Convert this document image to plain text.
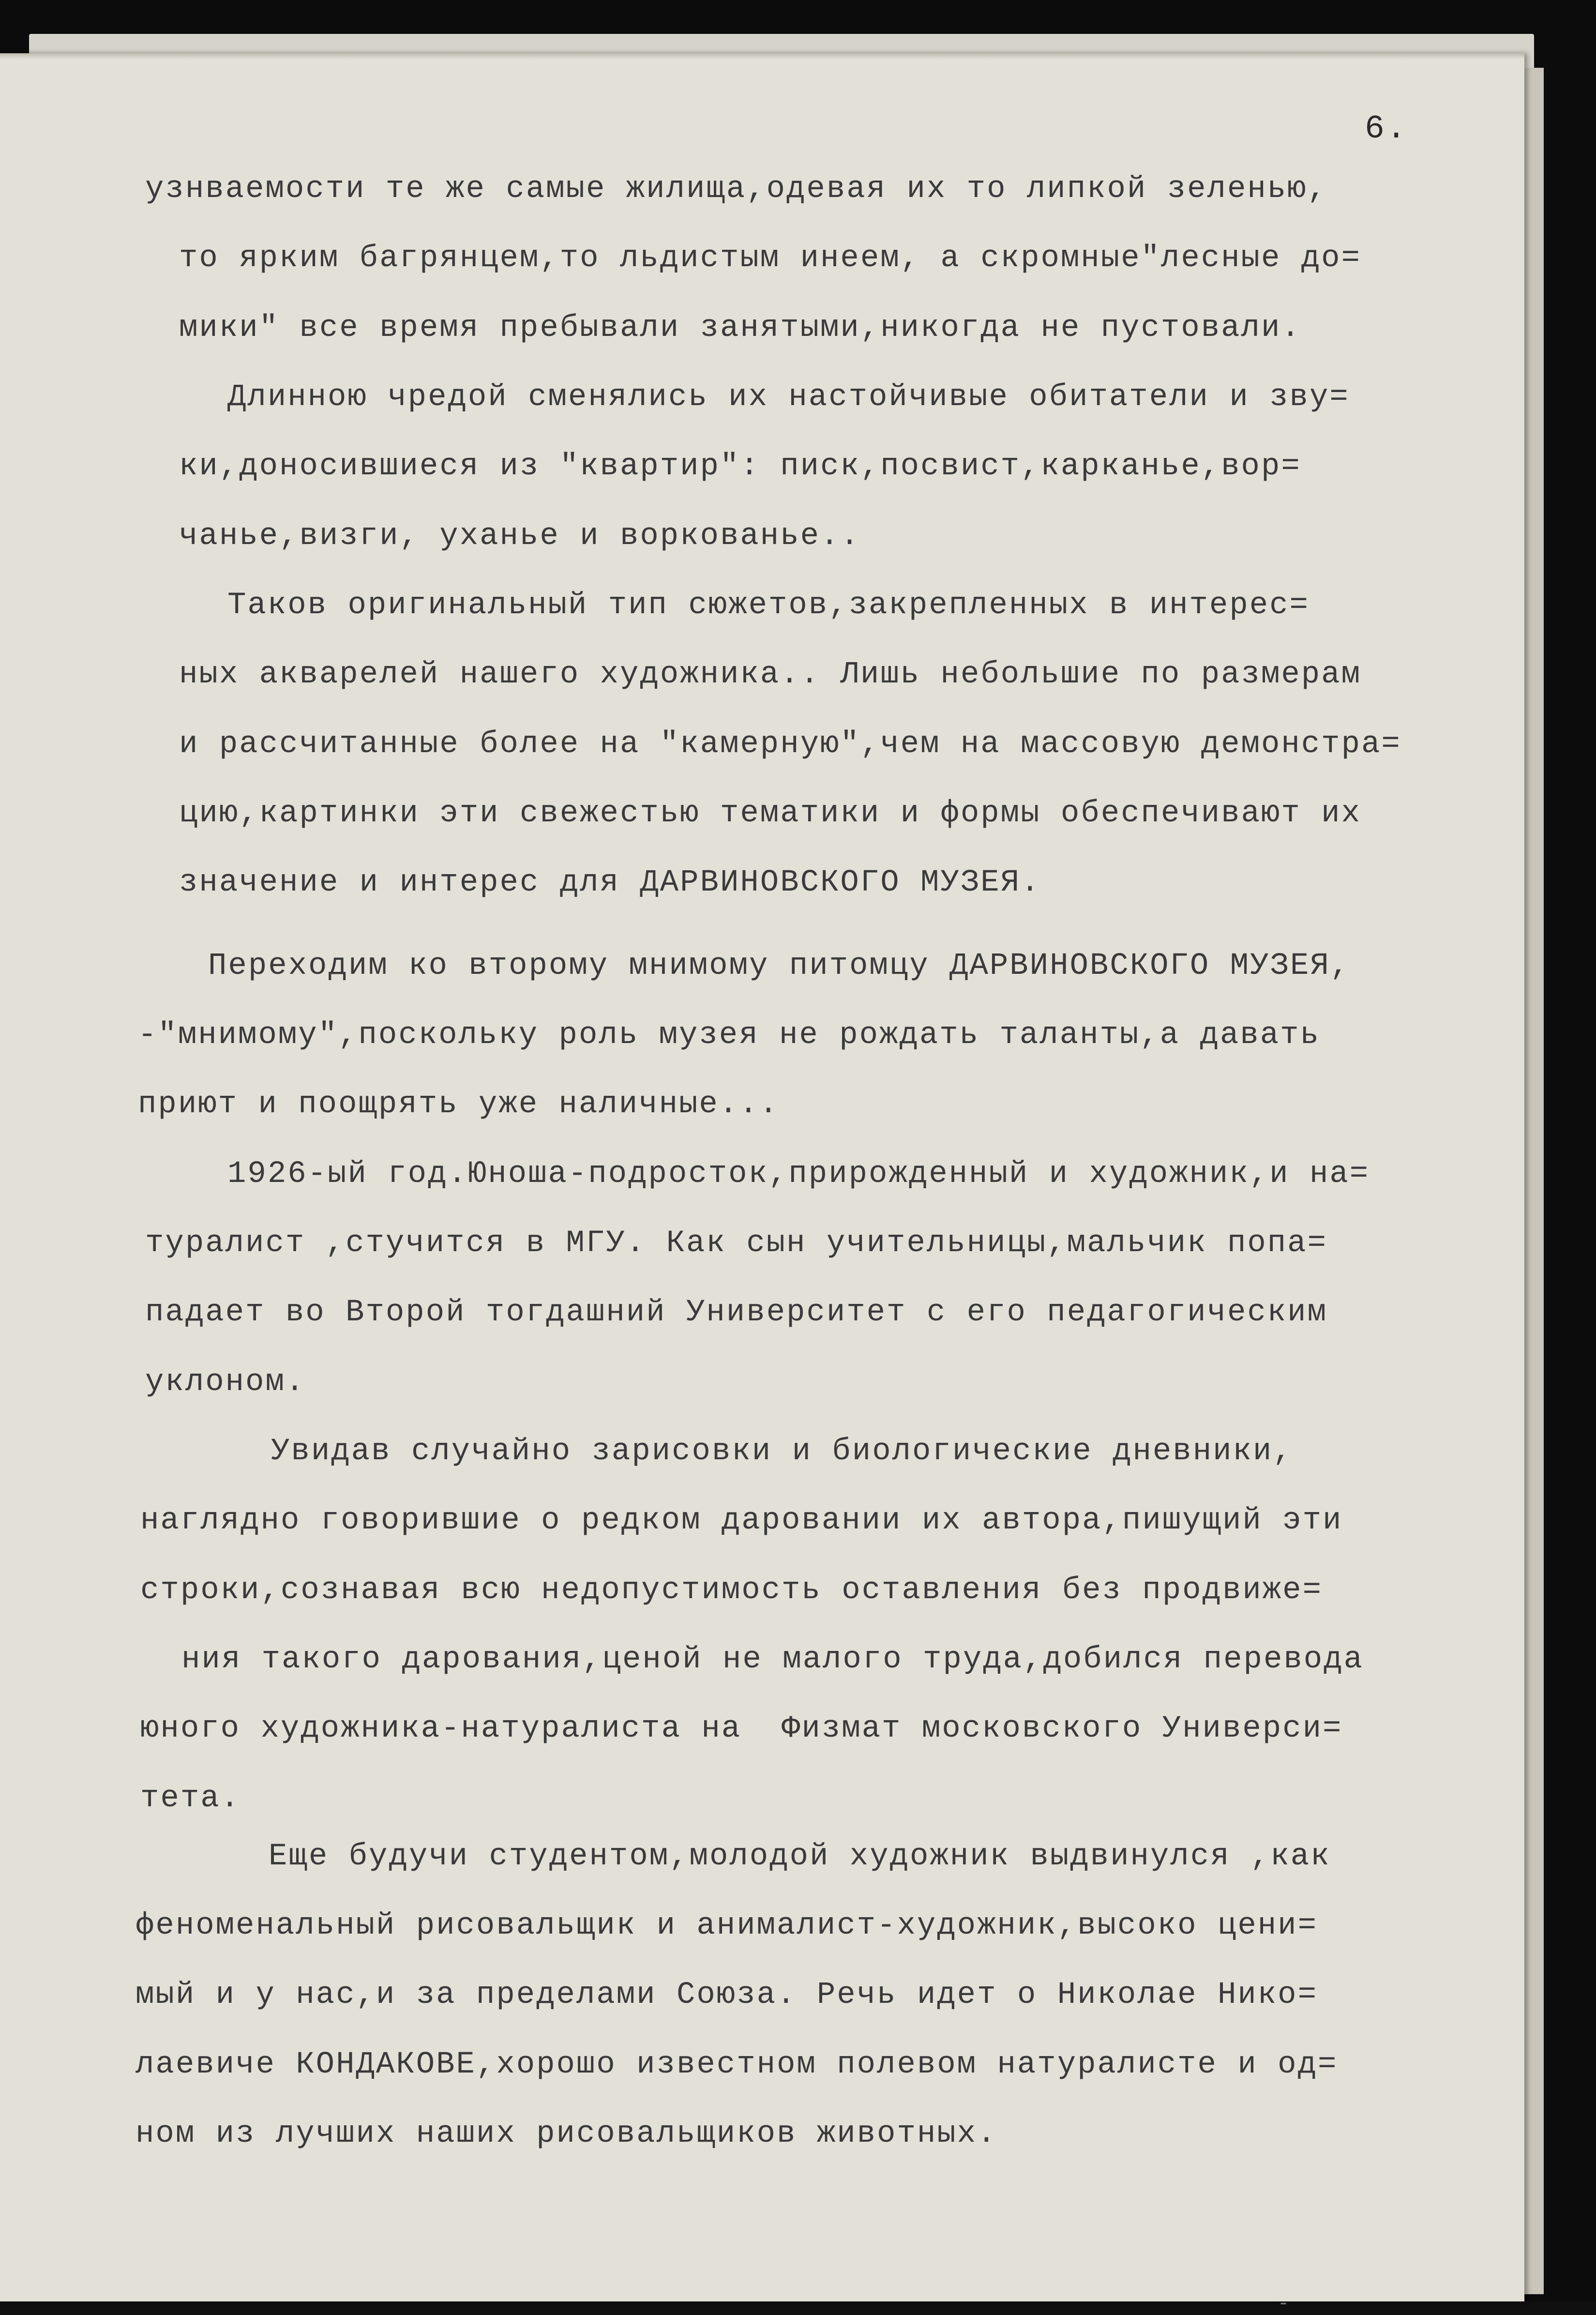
6.
узнваемости те же самые жилища,одевая их то липкой зеленью,
то ярким багрянцем,то льдистым инеем, а скромные"лесные до=
мики" все время пребывали занятыми,никогда не пустовали.
Длинною чредой сменялись их настойчивые обитатели и зву=
ки,доносившиеся из "квартир": писк,посвист,карканье,вор=
чанье,визги, уханье и воркованье..
Таков оригинальный тип сюжетов,закрепленных в интерес=
ных акварелей нашего художника.. Лишь небольшие по размерам
и рассчитанные более на "камерную",чем на массовую демонстра=
цию,картинки эти свежестью тематики и формы обеспечивают их
значение и интерес для ДАРВИНОВСКОГО МУЗЕЯ.
Переходим ко второму мнимому питомцу ДАРВИНОВСКОГО МУЗЕЯ,
-"мнимому",поскольку роль музея не рождать таланты,а давать
приют и поощрять уже наличные...
1926-ый год.Юноша-подросток,прирожденный и художник,и на=
туралист ,стучится в МГУ. Как сын учительницы,мальчик попа=
падает во Второй тогдашний Университет с его педагогическим
уклоном.
Увидав случайно зарисовки и биологические дневники,
наглядно говорившие о редком даровании их автора,пишущий эти
строки,сознавая всю недопустимость оставления без продвиже=
ния такого дарования,ценой не малого труда,добился перевода
юного художника-натуралиста на  Физмат московского Универси=
тета.
Еще будучи студентом,молодой художник выдвинулся ,как
феноменальный рисовальщик и анималист-художник,высоко цени=
мый и у нас,и за пределами Союза. Речь идет о Николае Нико=
лаевиче КОНДАКОВЕ,хорошо известном полевом натуралисте и од=
ном из лучших наших рисовальщиков животных.
-
